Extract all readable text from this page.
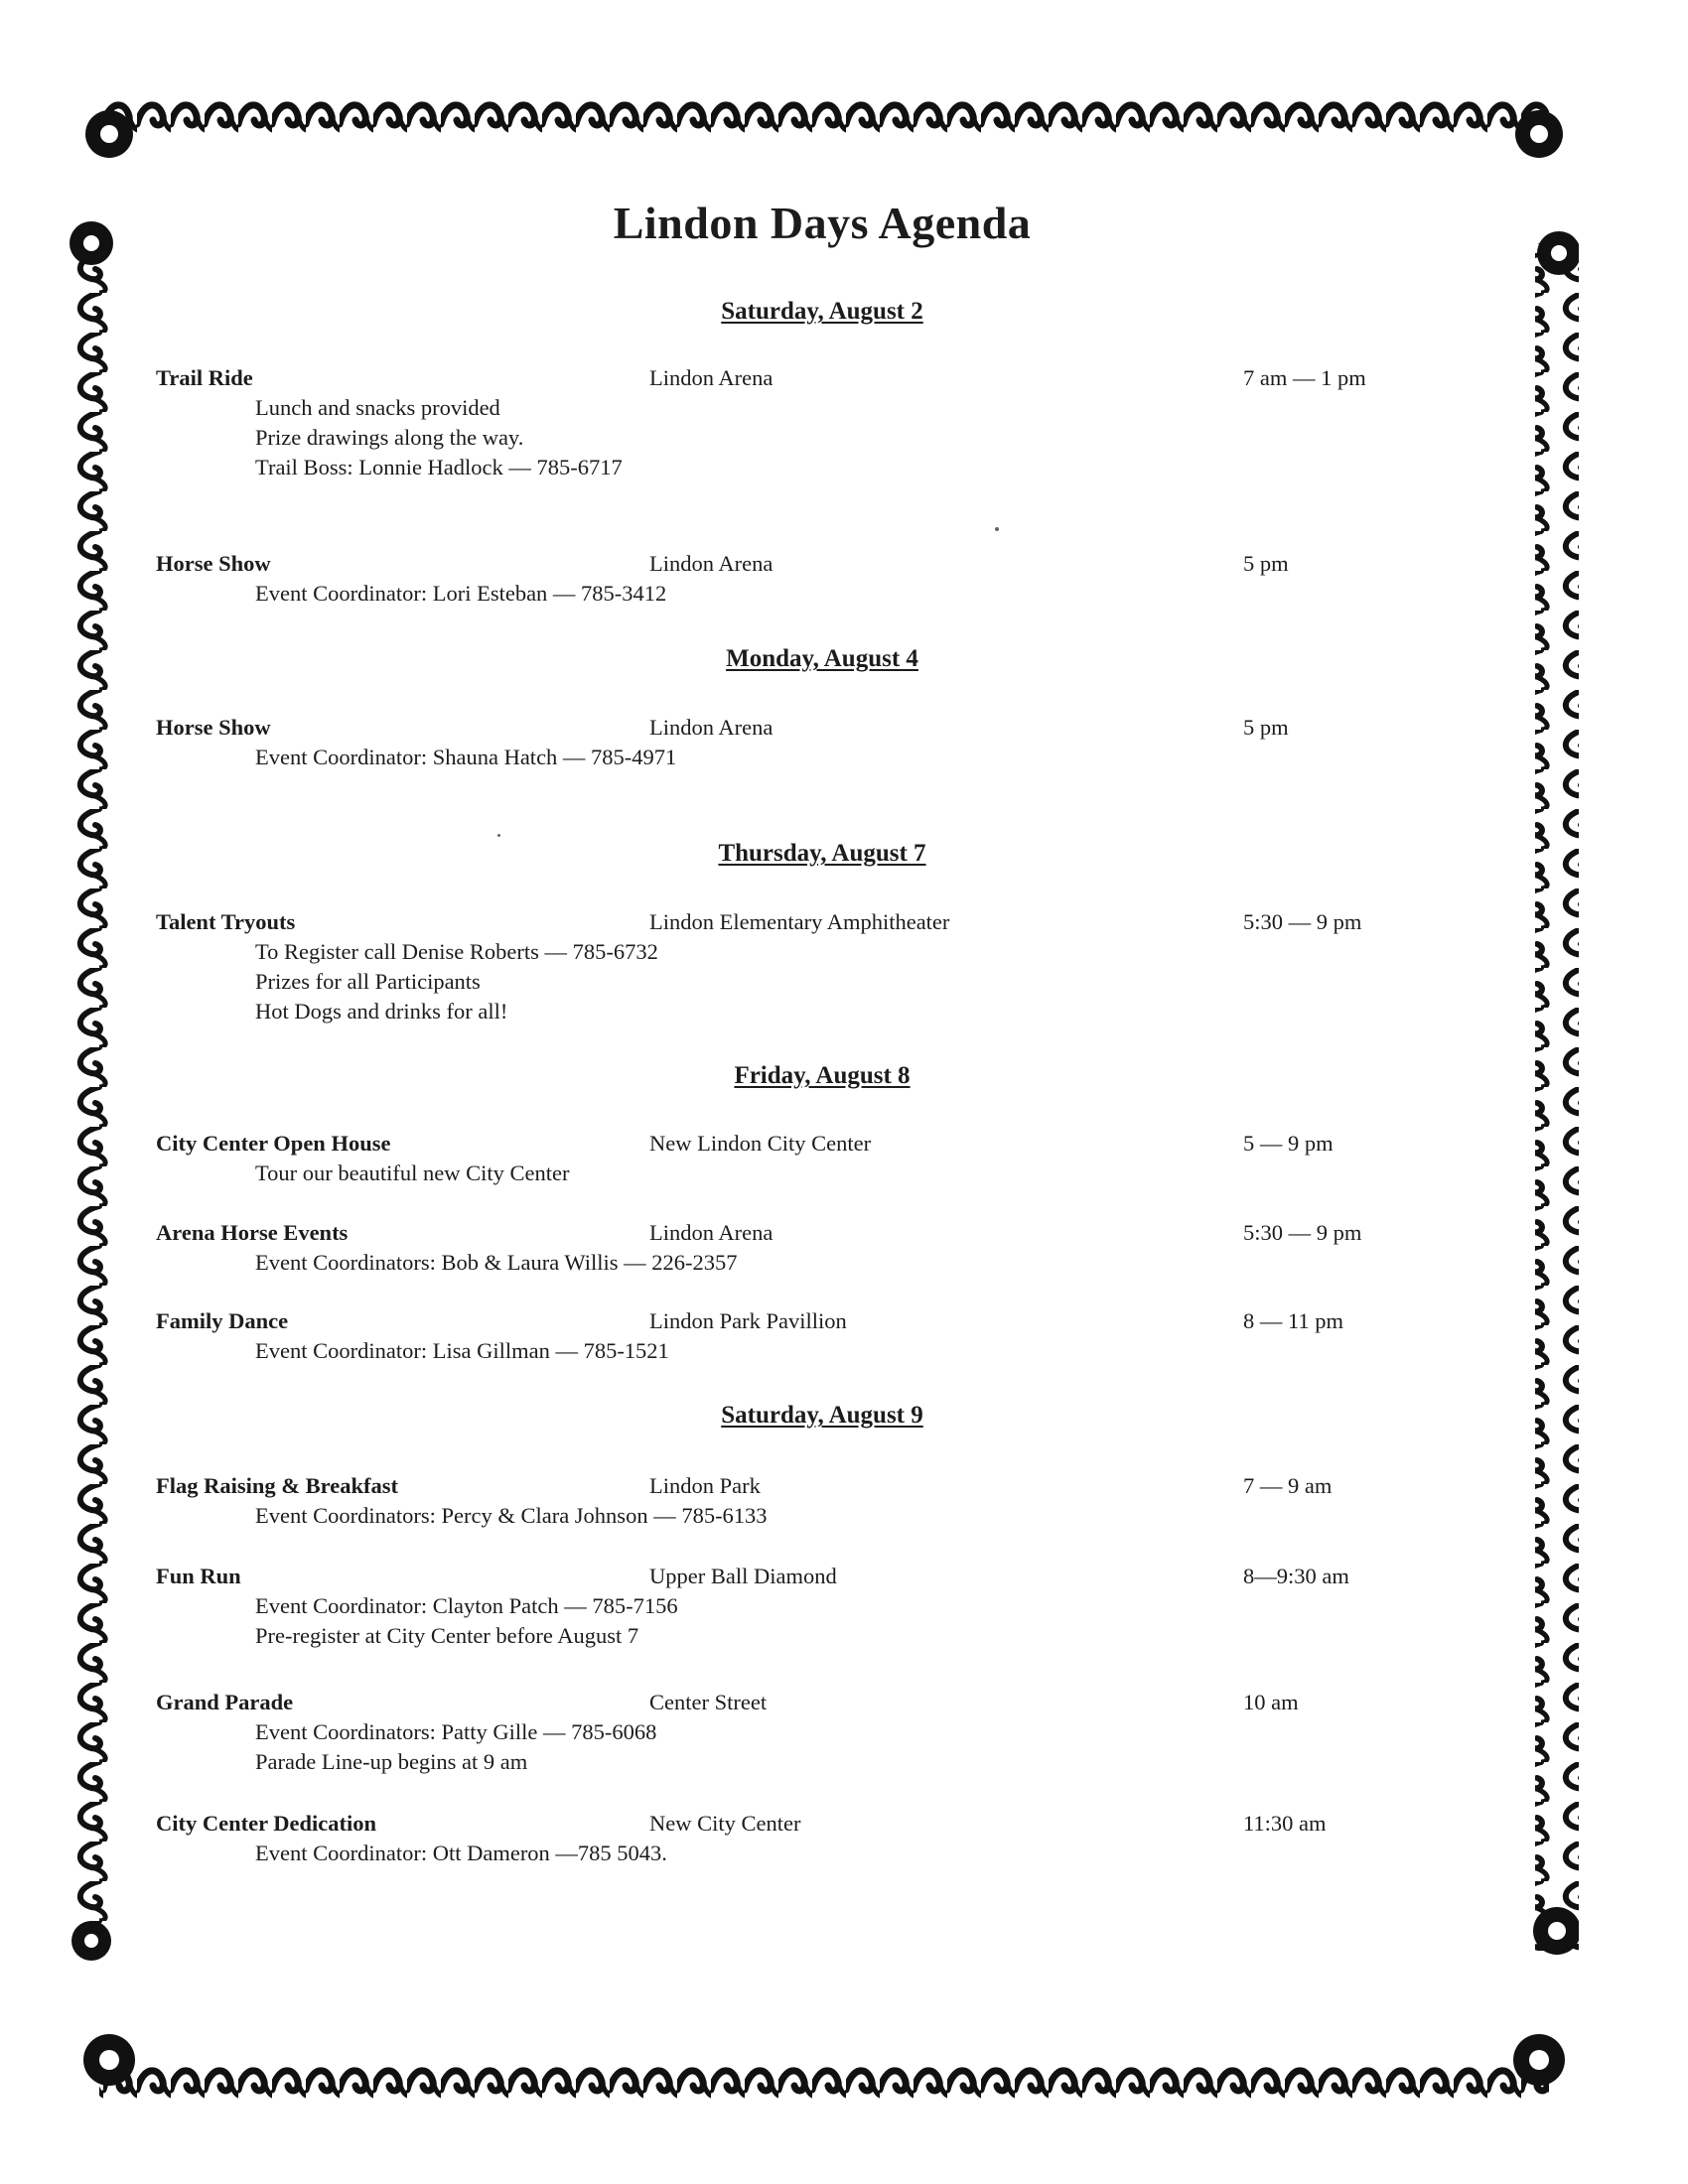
Lindon Days Agenda
Saturday, August 2
Trail Ride	Lindon Arena	7 am — 1 pm
Lunch and snacks provided
Prize drawings along the way.
Trail Boss: Lonnie Hadlock — 785-6717
Horse Show	Lindon Arena	5 pm
Event Coordinator: Lori Esteban — 785-3412
Monday, August 4
Horse Show	Lindon Arena	5 pm
Event Coordinator: Shauna Hatch — 785-4971
Thursday, August 7
Talent Tryouts	Lindon Elementary Amphitheater	5:30 — 9 pm
To Register call Denise Roberts — 785-6732
Prizes for all Participants
Hot Dogs and drinks for all!
Friday, August 8
City Center Open House	New Lindon City Center	5 — 9 pm
Tour our beautiful new City Center
Arena Horse Events	Lindon Arena	5:30 — 9 pm
Event Coordinators: Bob & Laura Willis — 226-2357
Family Dance	Lindon Park Pavillion	8 — 11 pm
Event Coordinator: Lisa Gillman — 785-1521
Saturday, August 9
Flag Raising & Breakfast	Lindon Park	7 — 9 am
Event Coordinators: Percy & Clara Johnson — 785-6133
Fun Run	Upper Ball Diamond	8—9:30 am
Event Coordinator: Clayton Patch — 785-7156
Pre-register at City Center before August 7
Grand Parade	Center Street	10 am
Event Coordinators: Patty Gille — 785-6068
Parade Line-up begins at 9 am
City Center Dedication	New City Center	11:30 am
Event Coordinator: Ott Dameron —785 5043.
